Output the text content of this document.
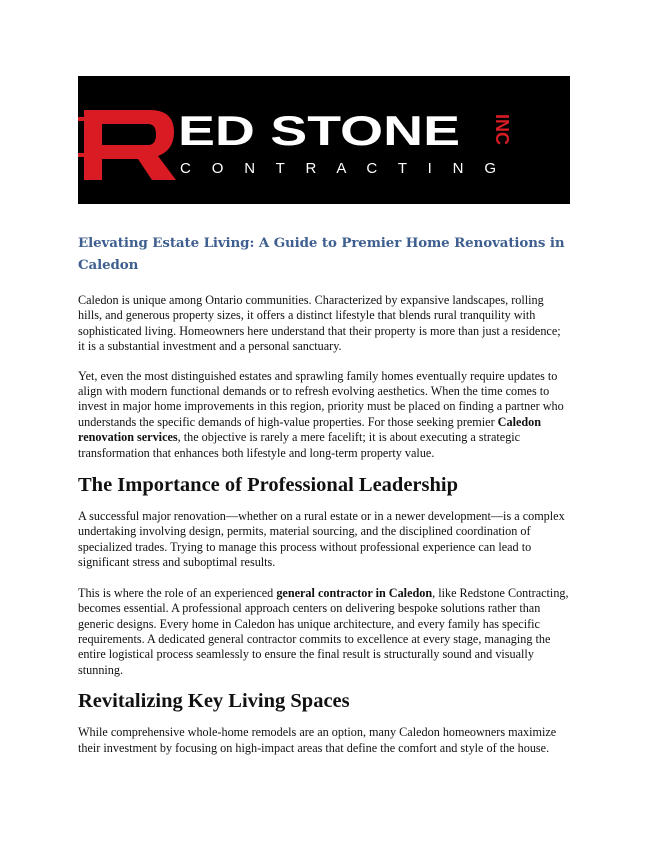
ED STONE
C O N T R A C T I N G
INC
Elevating Estate Living: A Guide to Premier Home Renovations in Caledon

Caledon is unique among Ontario communities. Characterized by expansive landscapes, rolling hills, and generous property sizes, it offers a distinct lifestyle that blends rural tranquility with sophisticated living. Homeowners here understand that their property is more than just a residence; it is a substantial investment and a personal sanctuary.

Yet, even the most distinguished estates and sprawling family homes eventually require updates to align with modern functional demands or to refresh evolving aesthetics. When the time comes to invest in major home improvements in this region, priority must be placed on finding a partner who understands the specific demands of high-value properties. For those seeking premier Caledon renovation services, the objective is rarely a mere facelift; it is about executing a strategic transformation that enhances both lifestyle and long-term property value.

The Importance of Professional Leadership

A successful major renovation—whether on a rural estate or in a newer development—is a complex undertaking involving design, permits, material sourcing, and the disciplined coordination of specialized trades. Trying to manage this process without professional experience can lead to significant stress and suboptimal results.

This is where the role of an experienced general contractor in Caledon, like Redstone Contracting, becomes essential. A professional approach centers on delivering bespoke solutions rather than generic designs. Every home in Caledon has unique architecture, and every family has specific requirements. A dedicated general contractor commits to excellence at every stage, managing the entire logistical process seamlessly to ensure the final result is structurally sound and visually stunning.

Revitalizing Key Living Spaces

While comprehensive whole-home remodels are an option, many Caledon homeowners maximize their investment by focusing on high-impact areas that define the comfort and style of the house.
